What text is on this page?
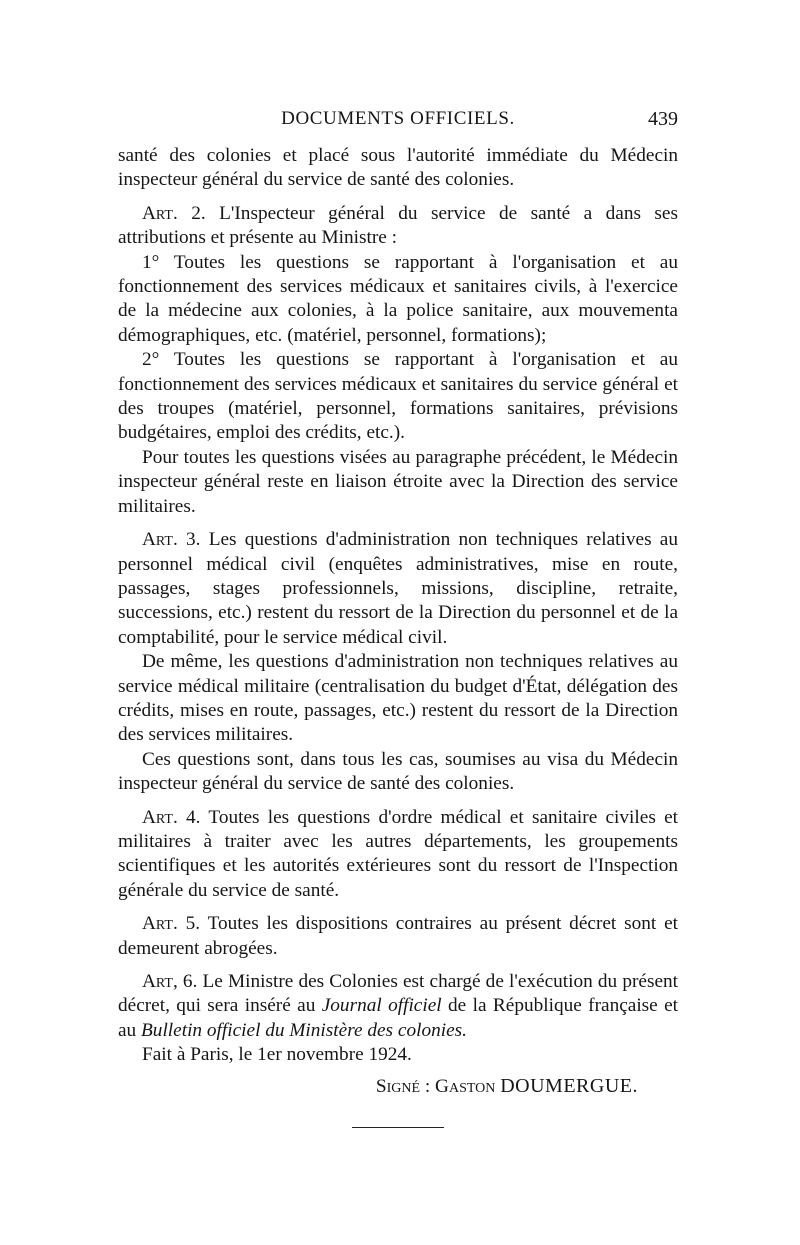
DOCUMENTS OFFICIELS.	439

santé des colonies et placé sous l'autorité immédiate du Médecin inspecteur général du service de santé des colonies.

Art. 2. L'Inspecteur général du service de santé a dans ses attributions et présente au Ministre :

1° Toutes les questions se rapportant à l'organisation et au fonctionnement des services médicaux et sanitaires civils, à l'exercice de la médecine aux colonies, à la police sanitaire, aux mouvementa démographiques, etc. (matériel, personnel, formations);

2° Toutes les questions se rapportant à l'organisation et au fonctionnement des services médicaux et sanitaires du service général et des troupes (matériel, personnel, formations sanitaires, prévisions budgétaires, emploi des crédits, etc.).

Pour toutes les questions visées au paragraphe précédent, le Médecin inspecteur général reste en liaison étroite avec la Direction des service militaires.

Art. 3. Les questions d'administration non techniques relatives au personnel médical civil (enquêtes administratives, mise en route, passages, stages professionnels, missions, discipline, retraite, successions, etc.) restent du ressort de la Direction du personnel et de la comptabilité, pour le service médical civil.

De même, les questions d'administration non techniques relatives au service médical militaire (centralisation du budget d'État, délégation des crédits, mises en route, passages, etc.) restent du ressort de la Direction des services militaires.

Ces questions sont, dans tous les cas, soumises au visa du Médecin inspecteur général du service de santé des colonies.

Art. 4. Toutes les questions d'ordre médical et sanitaire civiles et militaires à traiter avec les autres départements, les groupements scientifiques et les autorités extérieures sont du ressort de l'Inspection générale du service de santé.

Art. 5. Toutes les dispositions contraires au présent décret sont et demeurent abrogées.

Art, 6. Le Ministre des Colonies est chargé de l'exécution du présent décret, qui sera inséré au Journal officiel de la République française et au Bulletin officiel du Ministère des colonies.

Fait à Paris, le 1er novembre 1924.

Signé : Gaston DOUMERGUE.
